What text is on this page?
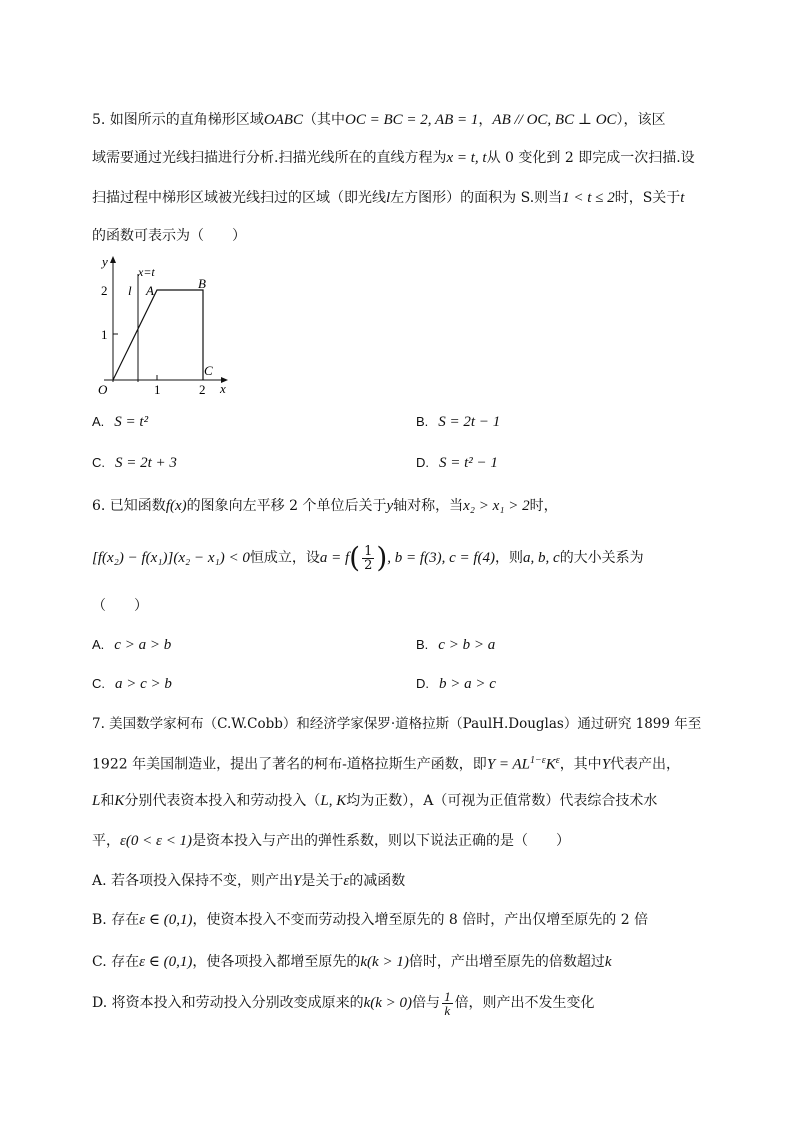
5. 如图所示的直角梯形区域OABC（其中OC = BC = 2, AB = 1，AB // OC, BC ⊥ OC），该区
域需要通过光线扫描进行分析.扫描光线所在的直线方程为x = t, t从 0 变化到 2 即完成一次扫描.设
扫描过程中梯形区域被光线扫过的区域（即光线l左方图形）的面积为 S.则当1 < t ≤ 2时，S关于t
的函数可表示为（　　）
y
x=t
l A	B
C
O
2
1
1	2 x
A. S = t²	B. S = 2t − 1
C. S = 2t + 3	D. S = t² − 1
6. 已知函数f(x)的图象向左平移 2 个单位后关于y轴对称，当x₂ > x₁ > 2时，
[f(x₂) − f(x₁)](x₂ − x₁) < 0恒成立，设$a = f( \frac{1}{2}$ ), b = f(3), c = f(4)，则a, b, c的大小关系为
（　　）
A. c > a > b	B. c > b > a
C. a > c > b	D. b > a > c
7. 美国数学家柯布（C.W.Cobb）和经济学家保罗·道格拉斯（PaulH.Douglas）通过研究 1899 年至
1922 年美国制造业，提出了著名的柯布-道格拉斯生产函数，即$Y = AL^{1-\varepsilon}K^\varepsilon$，其中Y代表产出，
L和K分别代表资本投入和劳动投入（L, K均为正数），A（可视为正值常数）代表综合技术水
平，ε(0 < ε < 1)是资本投入与产出的弹性系数，则以下说法正确的是（　　）
A. 若各项投入保持不变，则产出Y是关于ε的减函数
B. 存在ε ∈ (0,1)，使资本投入不变而劳动投入增至原先的 8 倍时，产出仅增至原先的 2 倍
C. 存在ε ∈ (0,1)，使各项投入都增至原先的k(k > 1)倍时，产出增至原先的倍数超过k
D. 将资本投入和劳动投入分别改变成原来的k(k > 0)倍与 $\frac{1}{k}$ 倍，则产出不发生变化
